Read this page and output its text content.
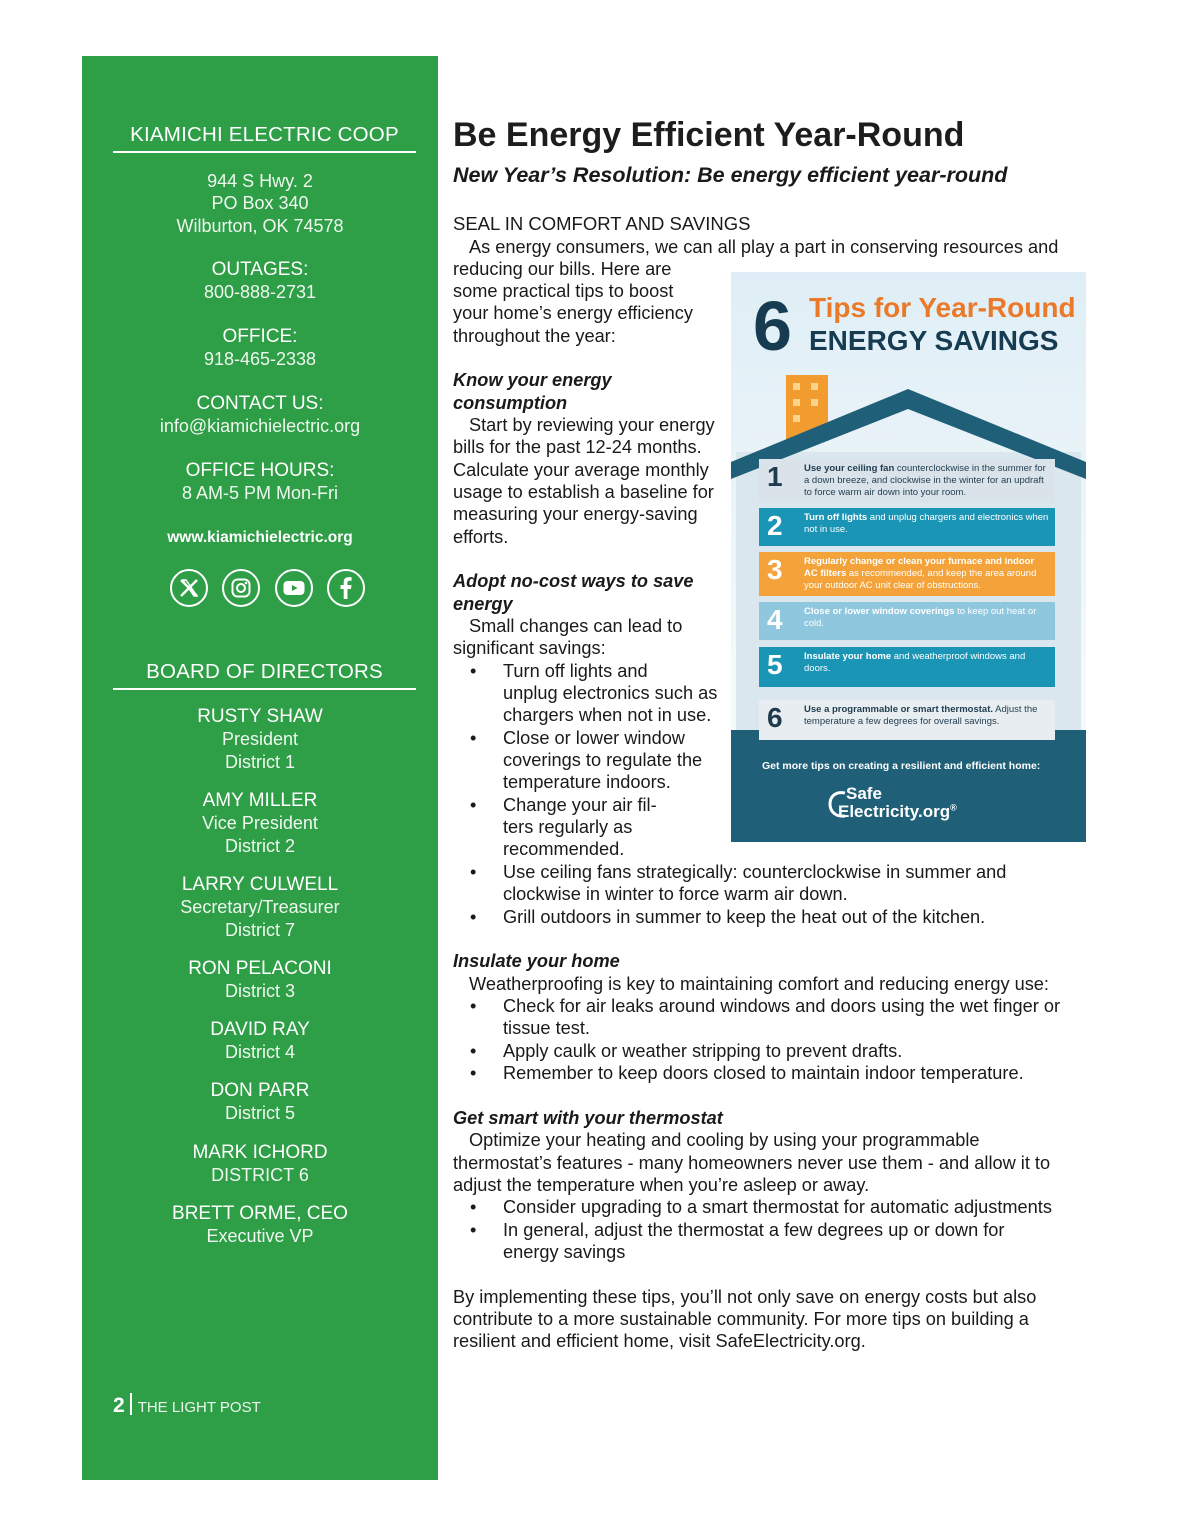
KIAMICHI ELECTRIC COOP
944 S Hwy. 2
PO Box 340
Wilburton, OK 74578
OUTAGES:
800-888-2731
OFFICE:
918-465-2338
CONTACT US:
info@kiamichielectric.org
OFFICE HOURS:
8 AM-5 PM Mon-Fri
www.kiamichielectric.org
BOARD OF DIRECTORS
RUSTY SHAW
President
District 1
AMY MILLER
Vice President
District 2
LARRY CULWELL
Secretary/Treasurer
District 7
RON PELACONI
District 3
DAVID RAY
District 4
DON PARR
District 5
MARK ICHORD
DISTRICT 6
BRETT ORME, CEO
Executive VP
2 THE LIGHT POST
Be Energy Efficient Year-Round
New Year’s Resolution: Be energy efficient year-round
SEAL IN COMFORT AND SAVINGS
As energy consumers, we can all play a part in conserving resources and
reducing our bills. Here are
some practical tips to boost
your home’s energy efficiency
throughout the year:
Know your energy
consumption
Start by reviewing your energy
bills for the past 12-24 months.
Calculate your average monthly
usage to establish a baseline for
measuring your energy-saving
efforts.
Adopt no-cost ways to save
energy
Small changes can lead to
significant savings:
• Turn off lights and
unplug electronics such as
chargers when not in use.
• Close or lower window
coverings to regulate the
temperature indoors.
• Change your air fil-
ters regularly as
recommended.
• Use ceiling fans strategically: counterclockwise in summer and
clockwise in winter to force warm air down.
• Grill outdoors in summer to keep the heat out of the kitchen.
Insulate your home
Weatherproofing is key to maintaining comfort and reducing energy use:
• Check for air leaks around windows and doors using the wet finger or
tissue test.
• Apply caulk or weather stripping to prevent drafts.
• Remember to keep doors closed to maintain indoor temperature.
Get smart with your thermostat
Optimize your heating and cooling by using your programmable
thermostat’s features - many homeowners never use them - and allow it to
adjust the temperature when you’re asleep or away.
• Consider upgrading to a smart thermostat for automatic adjustments
• In general, adjust the thermostat a few degrees up or down for
energy savings
By implementing these tips, you’ll not only save on energy costs but also
contribute to a more sustainable community. For more tips on building a
resilient and efficient home, visit SafeElectricity.org.
6 Tips for Year-Round
ENERGY SAVINGS
1 Use your ceiling fan counterclockwise in the summer for a down breeze, and clockwise in the winter for an updraft to force warm air down into your room.
2 Turn off lights and unplug chargers and electronics when not in use.
3 Regularly change or clean your furnace and indoor AC filters as recommended, and keep the area around your outdoor AC unit clear of obstructions.
4 Close or lower window coverings to keep out heat or cold.
5 Insulate your home and weatherproof windows and doors.
6 Use a programmable or smart thermostat. Adjust the temperature a few degrees for overall savings.
Get more tips on creating a resilient and efficient home:
Safe
Electricity.org®
